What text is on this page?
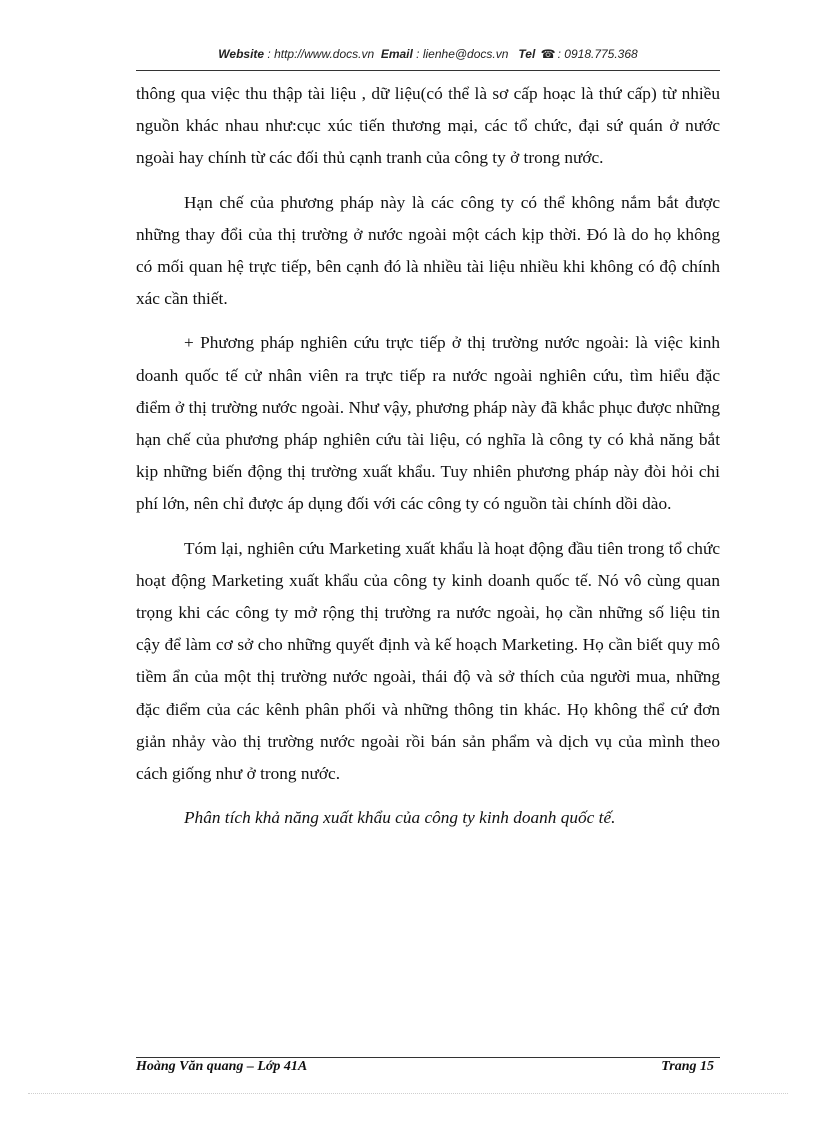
Website : http://www.docs.vn Email : lienhe@docs.vn Tel ☎ : 0918.775.368

thông qua việc thu thập tài liệu , dữ liệu(có thể là sơ cấp hoạc là thứ cấp) từ nhiều nguồn khác nhau như:cục xúc tiến thương mại, các tổ chức, đại sứ quán ở nước ngoài hay chính từ các đối thủ cạnh tranh của công ty ở trong nước.

Hạn chế của phương pháp này là các công ty có thể không nắm bắt được những thay đổi của thị trường ở nước ngoài một cách kịp thời. Đó là do họ không có mối quan hệ trực tiếp, bên cạnh đó là nhiều tài liệu nhiều khi không có độ chính xác cần thiết.

+ Phương pháp nghiên cứu trực tiếp ở thị trường nước ngoài: là việc kinh doanh quốc tế cử nhân viên ra trực tiếp ra nước ngoài nghiên cứu, tìm hiểu đặc điểm ở thị trường nước ngoài. Như vậy, phương pháp này đã khắc phục được những hạn chế của phương pháp nghiên cứu tài liệu, có nghĩa là công ty có khả năng bắt kịp những biến động thị trường xuất khẩu. Tuy nhiên phương pháp này đòi hỏi chi phí lớn, nên chỉ được áp dụng đối với các công ty có nguồn tài chính dồi dào.

Tóm lại, nghiên cứu Marketing xuất khẩu là hoạt động đầu tiên trong tổ chức hoạt động Marketing xuất khẩu của công ty kinh doanh quốc tế. Nó vô cùng quan trọng khi các công ty mở rộng thị trường ra nước ngoài, họ cần những số liệu tin cậy để làm cơ sở cho những quyết định và kế hoạch Marketing. Họ cần biết quy mô tiềm ẩn của một thị trường nước ngoài, thái độ và sở thích của người mua, những đặc điểm của các kênh phân phối và những thông tin khác. Họ không thể cứ đơn giản nhảy vào thị trường nước ngoài rồi bán sản phẩm và dịch vụ của mình theo cách giống như ở trong nước.

Phân tích khả năng xuất khẩu của công ty kinh doanh quốc tế.

Hoàng Văn quang – Lớp 41A	Trang 15
